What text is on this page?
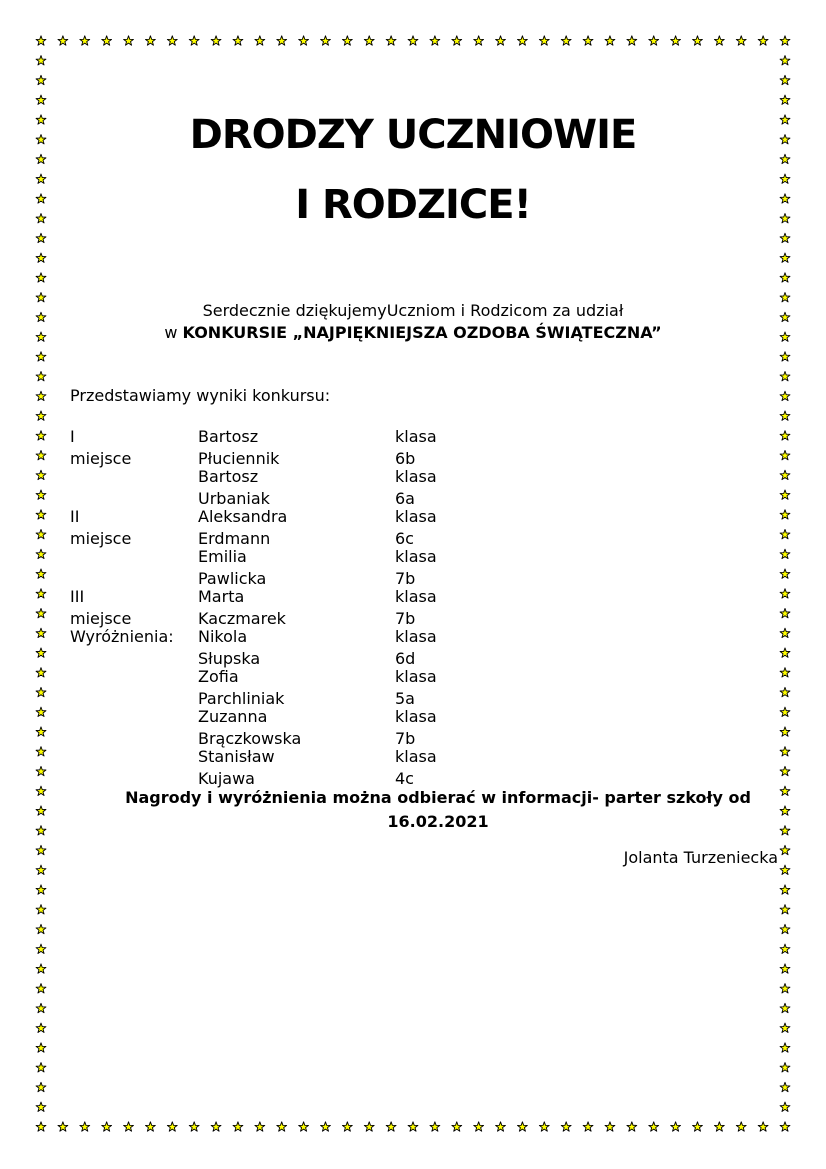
DRODZY UCZNIOWIE
I RODZICE!
Serdecznie dziękujemyUczniom i Rodzicom za udział
w KONKURSIE „NAJPIĘKNIEJSZA OZDOBA ŚWIĄTECZNA”
Przedstawiamy wyniki konkursu:
I miejsce
Bartosz Płuciennik
klasa 6b
Bartosz Urbaniak
klasa 6a
II miejsce
Aleksandra Erdmann
klasa 6c
Emilia Pawlicka
klasa 7b
III miejsce
Marta Kaczmarek
klasa 7b
Wyróżnienia: Nikola Słupska
klasa 6d
Zofia Parchliniak
klasa 5a
Zuzanna Brączkowska
klasa 7b
Stanisław Kujawa
klasa 4c
Nagrody i wyróżnienia można odbierać w informacji- parter szkoły od
16.02.2021
Jolanta Turzeniecka
